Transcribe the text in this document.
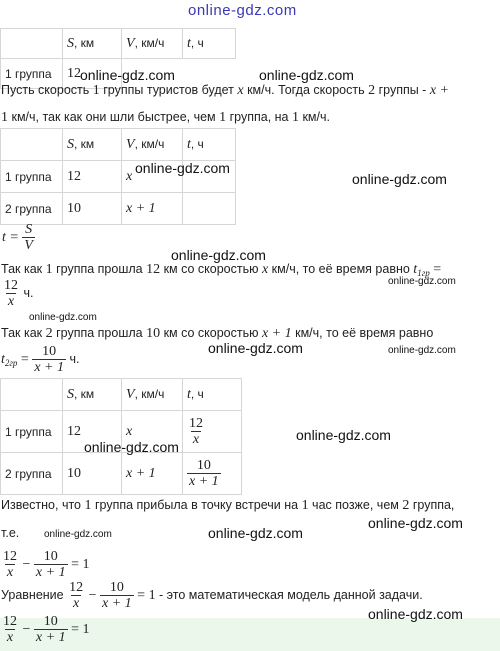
online-gdz.com
	S, км	V, км/ч	t, ч
1 группа	12		
Пусть скорость 1 группы туристов будет x км/ч. Тогда скорость 2 группы - x +
1 км/ч, так как они шли быстрее, чем 1 группа, на 1 км/ч.
	S, км	V, км/ч	t, ч
1 группа	12	x	
2 группа	10	x + 1	
$t = \frac{S}{V}$
Так как 1 группа прошла 12 км со скоростью x км/ч, то её время равно $t_{1гр}$ =
$\frac{12}{x} ч$.
Так как 2 группа прошла 10 км со скоростью x + 1 км/ч, то её время равно
$t_{2гр} = \frac{10}{x + 1} ч$.
	S, км	V, км/ч	t, ч
1 группа	12	x	$\frac{12}{x}$

2 группа	10	x + 1	$\frac{10}{x + 1}$
Известно, что 1 группа прибыла в точку встречи на 1 час позже, чем 2 группа,
т.е.
$\frac{12}{x} - \frac{10}{x + 1} = 1$
Уравнение $\frac{12}{x} - \frac{10}{x + 1} = 1$ - это математическая модель данной задачи.
$\frac{12}{x} - \frac{10}{x + 1} = 1$
online-gdz.com	online-gdz.com
online-gdz.com
online-gdz.com
online-gdz.com
online-gdz.com
online-gdz.com
online-gdz.com	online-gdz.com
online-gdz.com
online-gdz.com
online-gdz.com
online-gdz.com	online-gdz.com
online-gdz.com
